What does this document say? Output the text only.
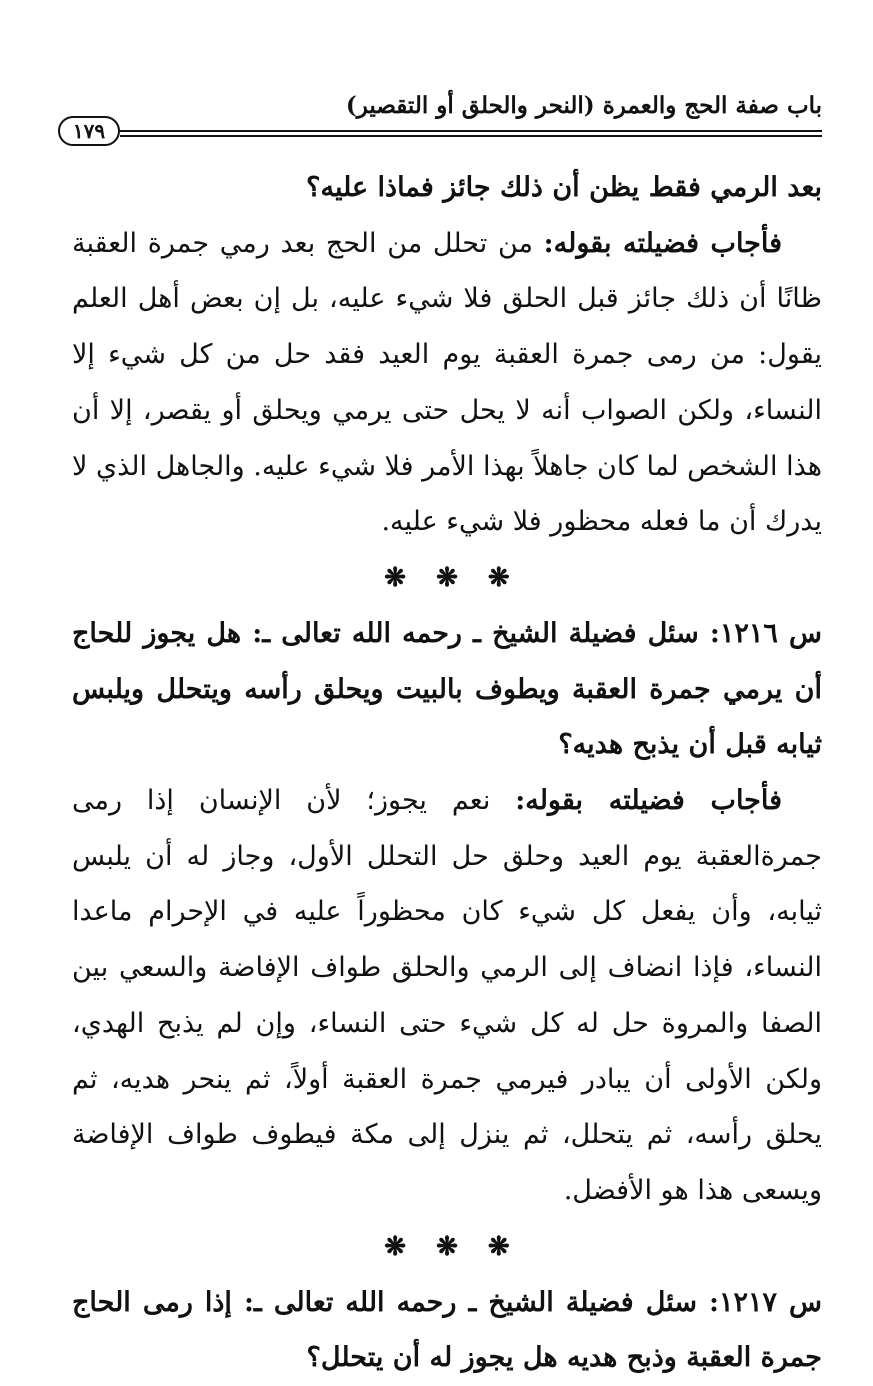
باب صفة الحج والعمرة (النحر والحلق أو التقصير)
١٧٩

بعد الرمي فقط يظن أن ذلك جائز فماذا عليه؟

فأجاب فضيلته بقوله: من تحلل من الحج بعد رمي جمرة العقبة ظانًا أن ذلك جائز قبل الحلق فلا شيء عليه، بل إن بعض أهل العلم يقول: من رمى جمرة العقبة يوم العيد فقد حل من كل شيء إلا النساء، ولكن الصواب أنه لا يحل حتى يرمي ويحلق أو يقصر، إلا أن هذا الشخص لما كان جاهلاً بهذا الأمر فلا شيء عليه. والجاهل الذي لا يدرك أن ما فعله محظور فلا شيء عليه.

❋ ❋ ❋

س ١٢١٦: سئل فضيلة الشيخ ـ رحمه الله تعالى ـ: هل يجوز للحاج أن يرمي جمرة العقبة ويطوف بالبيت ويحلق رأسه ويتحلل ويلبس ثيابه قبل أن يذبح هديه؟

فأجاب فضيلته بقوله: نعم يجوز؛ لأن الإنسان إذا رمى جمرةالعقبة يوم العيد وحلق حل التحلل الأول، وجاز له أن يلبس ثيابه، وأن يفعل كل شيء كان محظوراً عليه في الإحرام ماعدا النساء، فإذا انضاف إلى الرمي والحلق طواف الإفاضة والسعي بين الصفا والمروة حل له كل شيء حتى النساء، وإن لم يذبح الهدي، ولكن الأولى أن يبادر فيرمي جمرة العقبة أولاً، ثم ينحر هديه، ثم يحلق رأسه، ثم يتحلل، ثم ينزل إلى مكة فيطوف طواف الإفاضة ويسعى هذا هو الأفضل.

❋ ❋ ❋

س ١٢١٧: سئل فضيلة الشيخ ـ رحمه الله تعالى ـ: إذا رمى الحاج جمرة العقبة وذبح هديه هل يجوز له أن يتحلل؟
